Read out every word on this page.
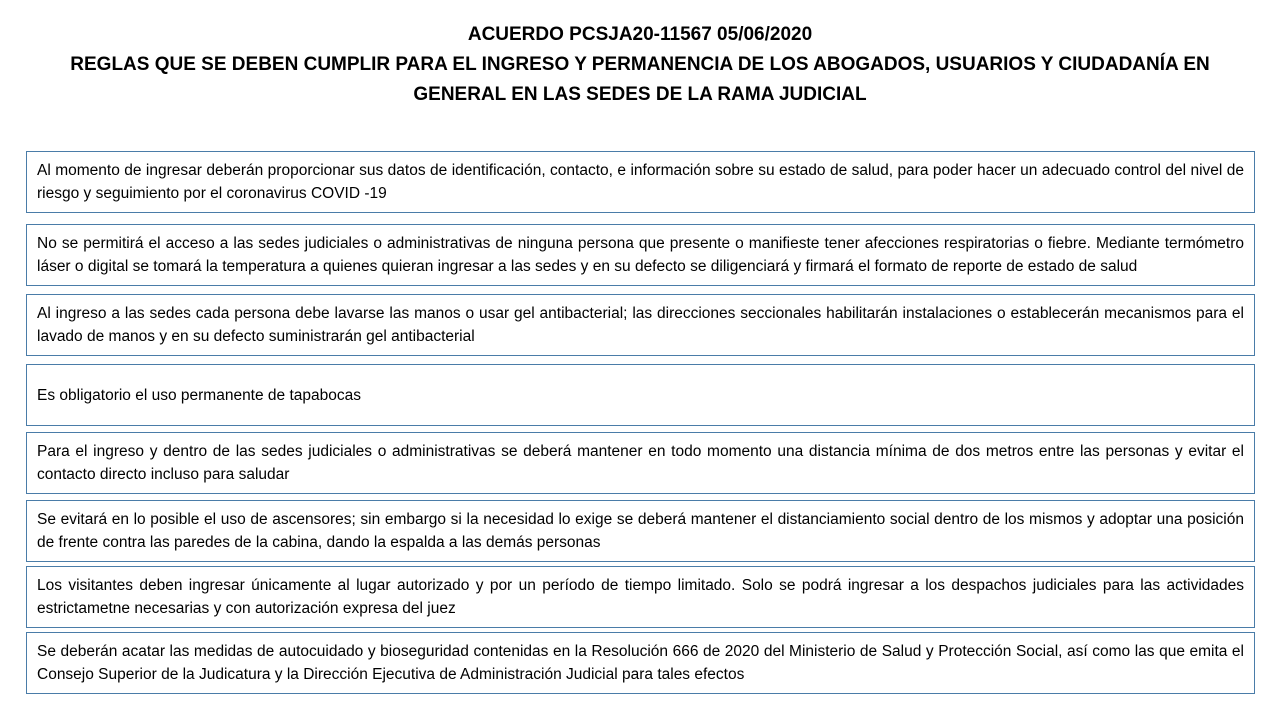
ACUERDO PCSJA20-11567 05/06/2020
REGLAS QUE SE DEBEN CUMPLIR PARA EL INGRESO Y PERMANENCIA DE LOS ABOGADOS, USUARIOS Y CIUDADANÍA EN
GENERAL EN LAS SEDES DE LA RAMA JUDICIAL
Al momento de ingresar deberán proporcionar sus datos de identificación, contacto, e información sobre su estado de salud, para poder hacer un adecuado control del nivel de riesgo y seguimiento por el coronavirus COVID -19
No se permitirá el acceso a las sedes judiciales o administrativas de ninguna persona que presente o manifieste tener afecciones respiratorias o fiebre. Mediante termómetro láser o digital se tomará la temperatura a quienes quieran ingresar a las sedes y en su defecto se diligenciará y firmará el formato de reporte de estado de salud
Al ingreso a las sedes cada persona debe lavarse las manos o usar gel antibacterial; las direcciones seccionales habilitarán instalaciones o establecerán mecanismos para el lavado de manos y en su defecto suministrarán gel antibacterial
Es obligatorio el uso permanente de tapabocas
Para el ingreso y dentro de las sedes judiciales o administrativas se deberá mantener en todo momento una distancia mínima de dos metros entre las personas y evitar el contacto directo incluso para saludar
Se evitará en lo posible el uso de ascensores; sin embargo si la necesidad lo exige se deberá mantener el distanciamiento social dentro de los mismos y adoptar una posición de frente contra las paredes de la cabina, dando la espalda a las demás personas
Los visitantes deben ingresar únicamente al lugar autorizado y por un período de tiempo limitado. Solo se podrá ingresar a los despachos judiciales para las actividades estrictametne necesarias y con autorización expresa del juez
Se deberán acatar las medidas de autocuidado y bioseguridad contenidas en la Resolución 666 de 2020 del Ministerio de Salud y Protección Social, así como las que emita el Consejo Superior de la Judicatura y la Dirección Ejecutiva de Administración Judicial para tales efectos
